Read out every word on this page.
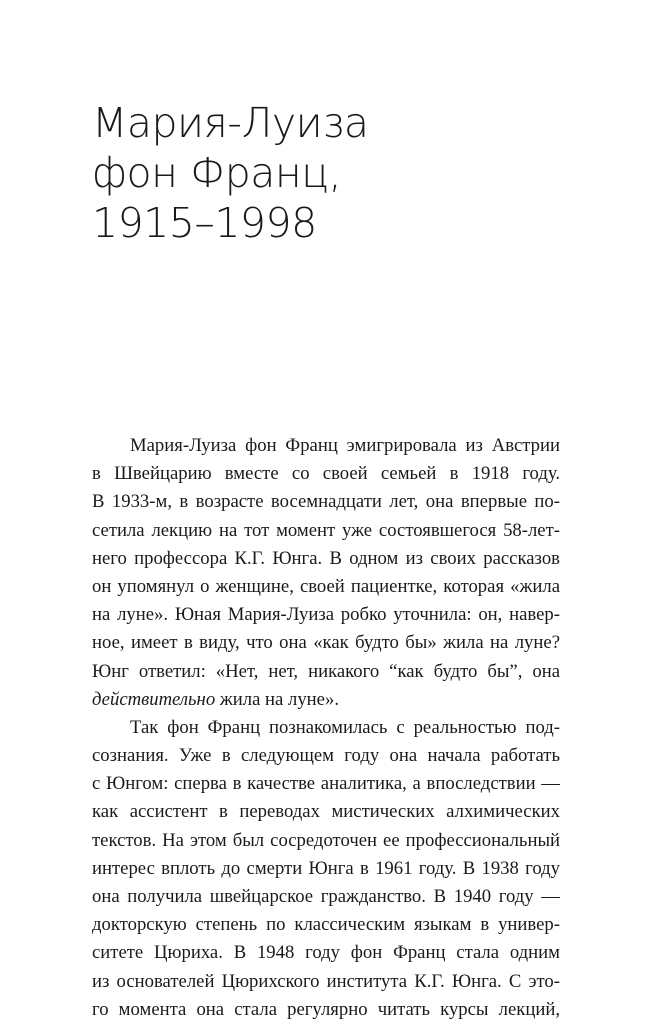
Мария-Луиза
фон Франц,
1915–1998
Мария-Луиза фон Франц эмигрировала из Австрии
в Швейцарию вместе со своей семьей в 1918 году.
В 1933-м, в возрасте восемнадцати лет, она впервые по-
сетила лекцию на тот момент уже состоявшегося 58-лет-
него профессора К.Г. Юнга. В одном из своих рассказов
он упомянул о женщине, своей пациентке, которая «жила
на луне». Юная Мария-Луиза робко уточнила: он, навер-
ное, имеет в виду, что она «как будто бы» жила на луне?
Юнг ответил: «Нет, нет, никакого “как будто бы”, она
действительно жила на луне».
Так фон Франц познакомилась с реальностью под-
сознания. Уже в следующем году она начала работать
с Юнгом: сперва в качестве аналитика, а впоследствии —
как ассистент в переводах мистических алхимических
текстов. На этом был сосредоточен ее профессиональный
интерес вплоть до смерти Юнга в 1961 году. В 1938 году
она получила швейцарское гражданство. В 1940 году —
докторскую степень по классическим языкам в универ-
ситете Цюриха. В 1948 году фон Франц стала одним
из основателей Цюрихского института К.Г. Юнга. С это-
го момента она стала регулярно читать курсы лекций,
